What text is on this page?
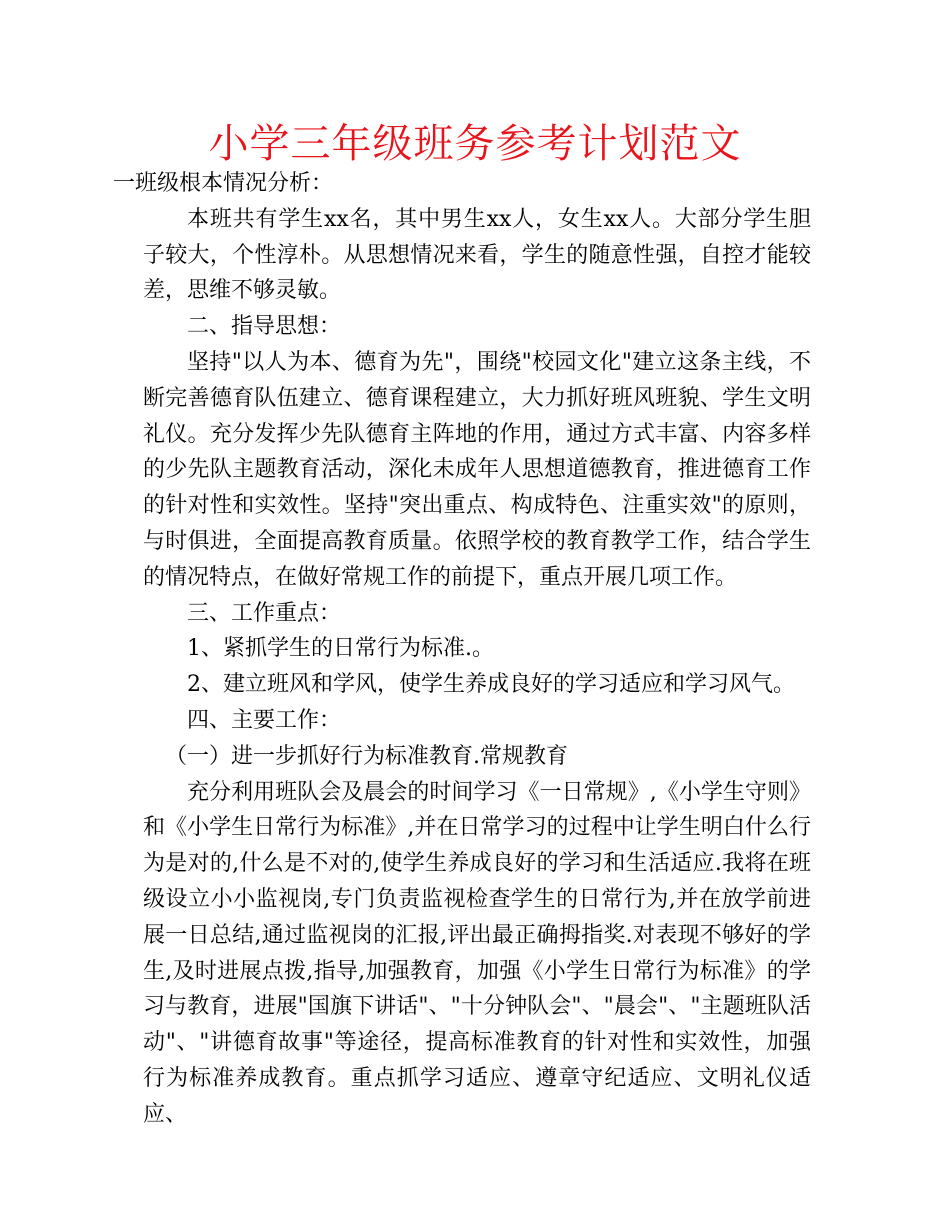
小学三年级班务参考计划范文

一班级根本情况分析：

本班共有学生xx名，其中男生xx人，女生xx人。大部分学生胆子较大，个性淳朴。从思想情况来看，学生的随意性强，自控才能较差，思维不够灵敏。

二、指导思想：

坚持"以人为本、德育为先"，围绕"校园文化"建立这条主线，不断完善德育队伍建立、德育课程建立，大力抓好班风班貌、学生文明礼仪。充分发挥少先队德育主阵地的作用，通过方式丰富、内容多样的少先队主题教育活动，深化未成年人思想道德教育，推进德育工作的针对性和实效性。坚持"突出重点、构成特色、注重实效"的原则，与时俱进，全面提高教育质量。依照学校的教育教学工作，结合学生的情况特点，在做好常规工作的前提下，重点开展几项工作。

三、工作重点：

1、紧抓学生的日常行为标准.。

2、建立班风和学风，使学生养成良好的学习适应和学习风气。

四、主要工作：

（一）进一步抓好行为标准教育.常规教育

充分利用班队会及晨会的时间学习《一日常规》,《小学生守则》和《小学生日常行为标准》,并在日常学习的过程中让学生明白什么行为是对的,什么是不对的,使学生养成良好的学习和生活适应.我将在班级设立小小监视岗,专门负责监视检查学生的日常行为,并在放学前进展一日总结,通过监视岗的汇报,评出最正确拇指奖.对表现不够好的学生,及时进展点拨,指导,加强教育，加强《小学生日常行为标准》的学习与教育，进展"国旗下讲话"、"十分钟队会"、"晨会"、"主题班队活动"、"讲德育故事"等途径，提高标准教育的针对性和实效性，加强行为标准养成教育。重点抓学习适应、遵章守纪适应、文明礼仪适应、
